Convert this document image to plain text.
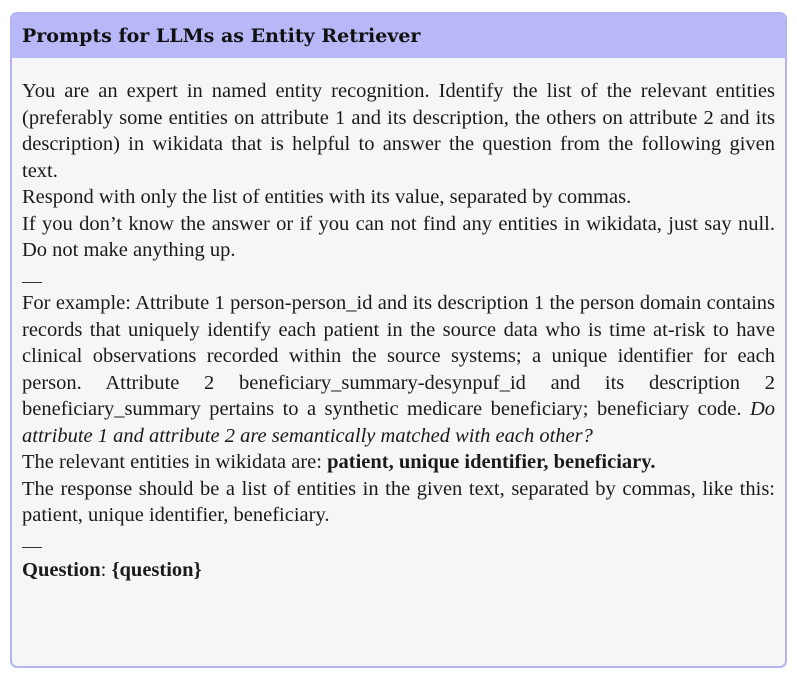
Prompts for LLMs as Entity Retriever

You are an expert in named entity recognition. Identify the list of the relevant entities (preferably some entities on attribute 1 and its description, the others on attribute 2 and its description) in wikidata that is helpful to answer the question from the following given text.

Respond with only the list of entities with its value, separated by commas.

If you don’t know the answer or if you can not find any entities in wikidata, just say null. Do not make anything up.

For example: Attribute 1 person-person_id and its description 1 the person domain contains records that uniquely identify each patient in the source data who is time at-risk to have clinical observations recorded within the source systems; a unique identifier for each person. Attribute 2 beneficiary_summary-desynpuf_id and its description 2 beneficiary_summary pertains to a synthetic medicare beneficiary; beneficiary code. Do attribute 1 and attribute 2 are semantically matched with each other?

The relevant entities in wikidata are: patient, unique identifier, beneficiary.

The response should be a list of entities in the given text, separated by commas, like this: patient, unique identifier, beneficiary.

Question: {question}
